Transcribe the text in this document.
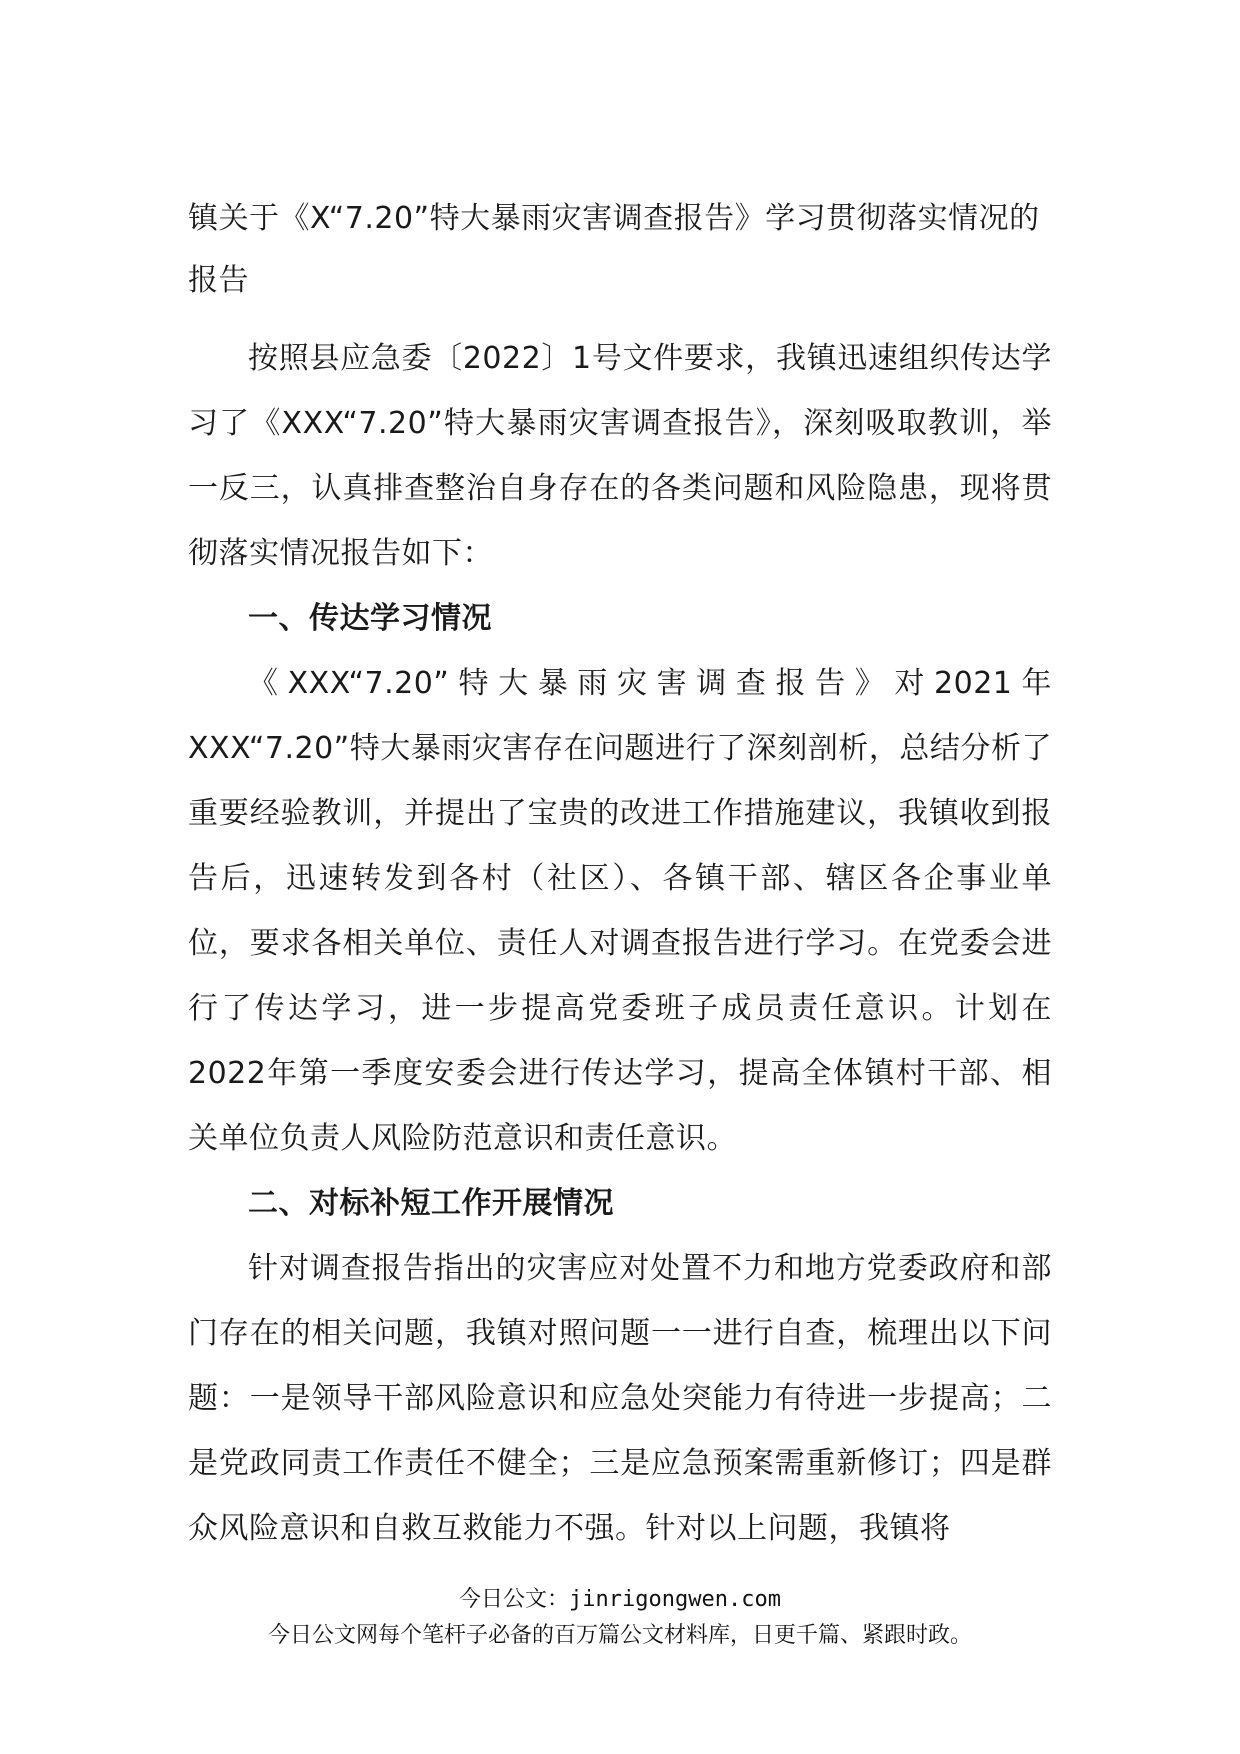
镇关于《X“7.20”特大暴雨灾害调查报告》学习贯彻落实情况的报告

按照县应急委〔2022〕1号文件要求，我镇迅速组织传达学习了《XXX“7.20”特大暴雨灾害调查报告》，深刻吸取教训，举一反三，认真排查整治自身存在的各类问题和风险隐患，现将贯彻落实情况报告如下：

一、传达学习情况

《XXX“7.20”特大暴雨灾害调查报告》对2021年XXX“7.20”特大暴雨灾害存在问题进行了深刻剖析，总结分析了重要经验教训，并提出了宝贵的改进工作措施建议，我镇收到报告后，迅速转发到各村（社区）、各镇干部、辖区各企事业单位，要求各相关单位、责任人对调查报告进行学习。在党委会进行了传达学习，进一步提高党委班子成员责任意识。计划在2022年第一季度安委会进行传达学习，提高全体镇村干部、相关单位负责人风险防范意识和责任意识。

二、对标补短工作开展情况

针对调查报告指出的灾害应对处置不力和地方党委政府和部门存在的相关问题，我镇对照问题一一进行自查，梳理出以下问题：一是领导干部风险意识和应急处突能力有待进一步提高；二是党政同责工作责任不健全；三是应急预案需重新修订；四是群众风险意识和自救互救能力不强。针对以上问题，我镇将

今日公文：jinrigongwen.com
今日公文网每个笔杆子必备的百万篇公文材料库，日更千篇、紧跟时政。
